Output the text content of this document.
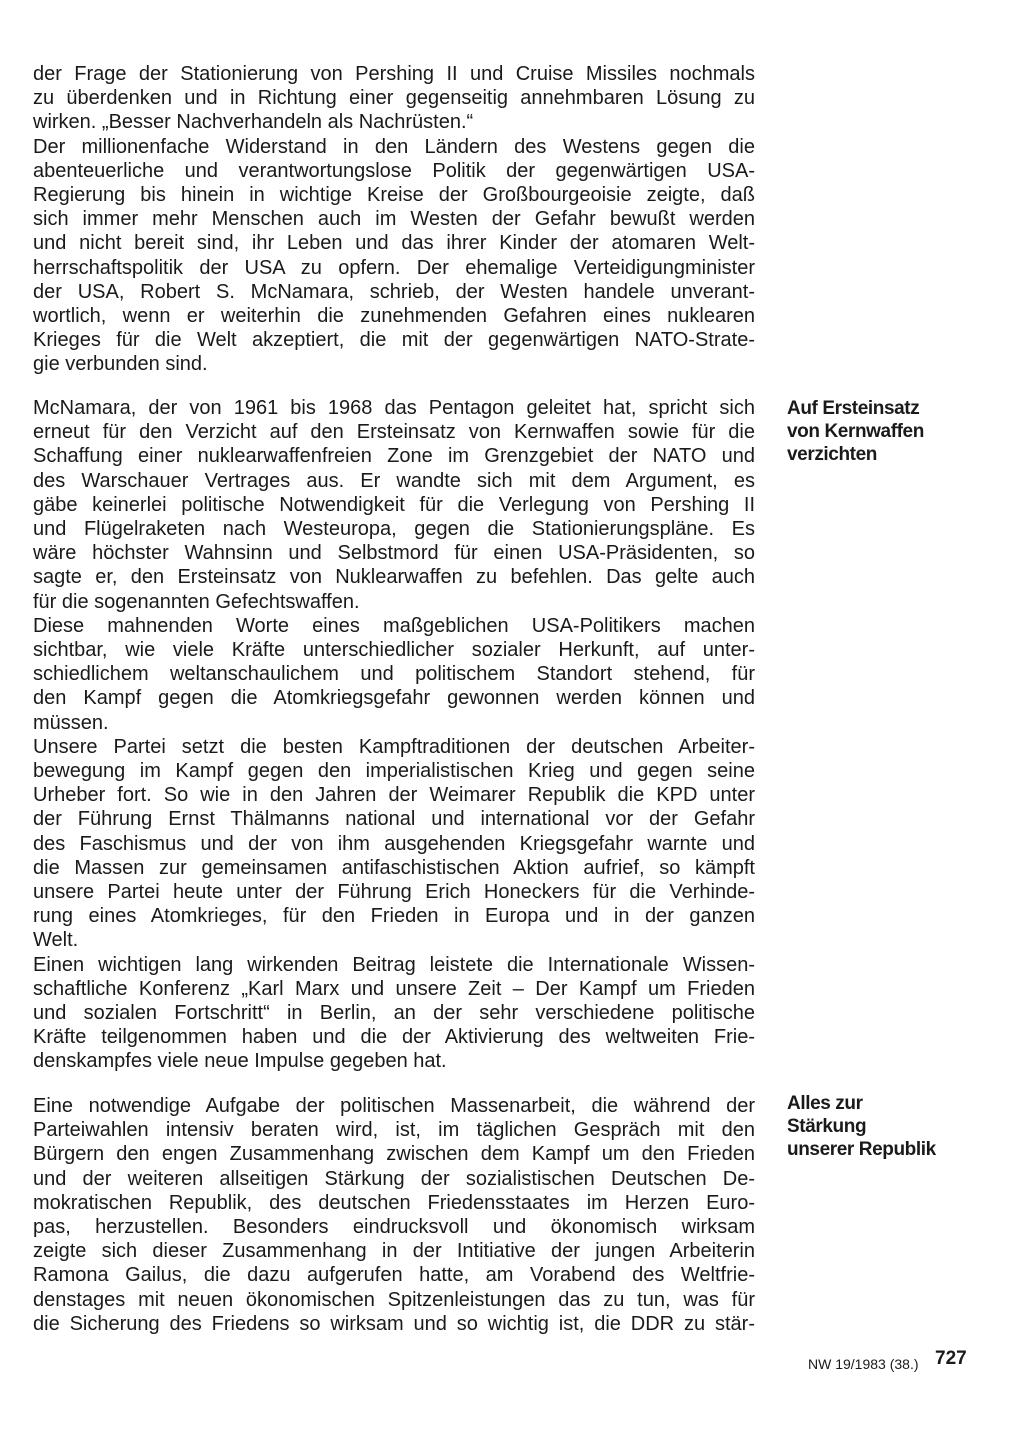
der Frage der Stationierung von Pershing II und Cruise Missiles nochmals
zu überdenken und in Richtung einer gegenseitig annehmbaren Lösung zu
wirken. „Besser Nachverhandeln als Nachrüsten.“
Der millionenfache Widerstand in den Ländern des Westens gegen die
abenteuerliche und verantwortungslose Politik der gegenwärtigen USA-
Regierung bis hinein in wichtige Kreise der Großbourgeoisie zeigte, daß
sich immer mehr Menschen auch im Westen der Gefahr bewußt werden
und nicht bereit sind, ihr Leben und das ihrer Kinder der atomaren Welt-
herrschaftspolitik der USA zu opfern. Der ehemalige Verteidigungminister
der USA, Robert S. McNamara, schrieb, der Westen handele unverant-
wortlich, wenn er weiterhin die zunehmenden Gefahren eines nuklearen
Krieges für die Welt akzeptiert, die mit der gegenwärtigen NATO-Strate-
gie verbunden sind.
McNamara, der von 1961 bis 1968 das Pentagon geleitet hat, spricht sich
erneut für den Verzicht auf den Ersteinsatz von Kernwaffen sowie für die
Schaffung einer nuklearwaffenfreien Zone im Grenzgebiet der NATO und
des Warschauer Vertrages aus. Er wandte sich mit dem Argument, es
gäbe keinerlei politische Notwendigkeit für die Verlegung von Pershing II
und Flügelraketen nach Westeuropa, gegen die Stationierungspläne. Es
wäre höchster Wahnsinn und Selbstmord für einen USA-Präsidenten, so
sagte er, den Ersteinsatz von Nuklearwaffen zu befehlen. Das gelte auch
für die sogenannten Gefechtswaffen.
Diese mahnenden Worte eines maßgeblichen USA-Politikers machen
sichtbar, wie viele Kräfte unterschiedlicher sozialer Herkunft, auf unter-
schiedlichem weltanschaulichem und politischem Standort stehend, für
den Kampf gegen die Atomkriegsgefahr gewonnen werden können und
müssen.
Unsere Partei setzt die besten Kampftraditionen der deutschen Arbeiter-
bewegung im Kampf gegen den imperialistischen Krieg und gegen seine
Urheber fort. So wie in den Jahren der Weimarer Republik die KPD unter
der Führung Ernst Thälmanns national und international vor der Gefahr
des Faschismus und der von ihm ausgehenden Kriegsgefahr warnte und
die Massen zur gemeinsamen antifaschistischen Aktion aufrief, so kämpft
unsere Partei heute unter der Führung Erich Honeckers für die Verhinde-
rung eines Atomkrieges, für den Frieden in Europa und in der ganzen
Welt.
Einen wichtigen lang wirkenden Beitrag leistete die Internationale Wissen-
schaftliche Konferenz „Karl Marx und unsere Zeit – Der Kampf um Frieden
und sozialen Fortschritt“ in Berlin, an der sehr verschiedene politische
Kräfte teilgenommen haben und die der Aktivierung des weltweiten Frie-
denskampfes viele neue Impulse gegeben hat.
Eine notwendige Aufgabe der politischen Massenarbeit, die während der
Parteiwahlen intensiv beraten wird, ist, im täglichen Gespräch mit den
Bürgern den engen Zusammenhang zwischen dem Kampf um den Frieden
und der weiteren allseitigen Stärkung der sozialistischen Deutschen De-
mokratischen Republik, des deutschen Friedensstaates im Herzen Euro-
pas, herzustellen. Besonders eindrucksvoll und ökonomisch wirksam
zeigte sich dieser Zusammenhang in der Intitiative der jungen Arbeiterin
Ramona Gailus, die dazu aufgerufen hatte, am Vorabend des Weltfrie-
denstages mit neuen ökonomischen Spitzenleistungen das zu tun, was für
die Sicherung des Friedens so wirksam und so wichtig ist, die DDR zu stär-
Auf Ersteinsatz
von Kernwaffen
verzichten
Alles zur
Stärkung
unserer Republik
NW 19/1983 (38.) 727
